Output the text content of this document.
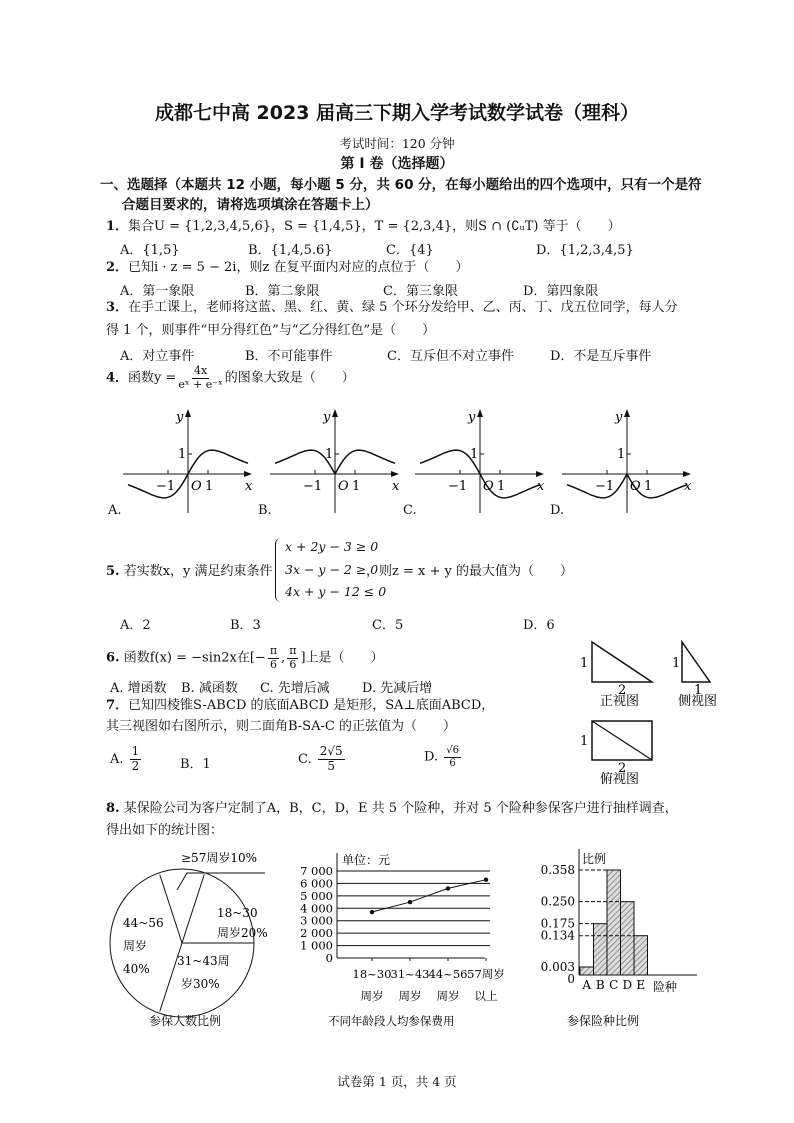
成都七中高 2023 届高三下期入学考试数学试卷（理科）
考试时间：120 分钟
第 I 卷（选择题）
一、选题择（本题共 12 小题，每小题 5 分，共 60 分，在每小题给出的四个选项中，只有一个是符
合题目要求的，请将选项填涂在答题卡上）
1．集合U = {1,2,3,4,5,6}，S = {1,4,5}，T = {2,3,4}，则S ∩ (∁ᵤT) 等于（　　）
A．{1,5}	B．{1,4,5.6}	C．{4}	D．{1,2,3,4,5}
2．已知i · z = 5 − 2i，则z 在复平面内对应的点位于（　　）
A．第一象限	B．第二象限	C．第三象限	D．第四象限
3．在手工课上，老师将这蓝、黑、红、黄、绿 5 个环分发给甲、乙、丙、丁、戊五位同学，每人分
得 1 个，则事件“甲分得红色”与“乙分得红色”是（　　）
A．对立事件	B．不可能事件	C．互斥但不对立事件	D．不是互斥事件
4．函数$y = \frac{4x}{\text{eˣ + e⁻ˣ}}$ 的图象大致是（　　）
y
x
1
−1 O 1
y
x
1
−1 O 1
y
x
1
−1 O 1
y
x
1
−1 O 1
A.	B.	C.	D.
5. 若实数x，y 满足约束条件
x + 2y − 3 ≥ 0
3x − y − 2 ≥ 0
4x + y − 12 ≤ 0
，则z = x + y 的最大值为（　　）
A．2	B．3	C．5	D．6
6. 函数f(x) = −sin2x在[− $\frac{\pi}{6}$ , $\frac{\pi}{6}$ ]上是（　　）
A. 增函数 B. 减函数 C. 先增后减 D. 先减后增
7．已知四棱锥S-ABCD 的底面ABCD 是矩形，SA⊥底面ABCD，
其三视图如右图所示，则二面角B-SA-C 的正弦值为（　　）
A. $\frac{1}{2}$	B．1	C. $\frac{2√5}{5}$	D. $\frac{√6}{6}$
1
2
正视图
1
1
侧视图
1
2
俯视图
8. 某保险公司为客户定制了A，B，C，D，E 共 5 个险种，并对 5 个险种参保客户进行抽样调查，
得出如下的统计图：
≥57周岁10%
18~30
周岁20%
31~43周
岁30%
44~56
周岁
40%
参保人数比例
单位：元
不同年龄段人均参保费用
0
1 000
2 000
3 000
4 000
5 000
6 000
7 000
18~30
周岁
31~43
周岁
44~56
周岁
57周岁
以上
比例
险种
参保险种比例
A B C D E
0
0.003
0.134
0.175
0.250
0.358
试卷第 1 页，共 4 页
